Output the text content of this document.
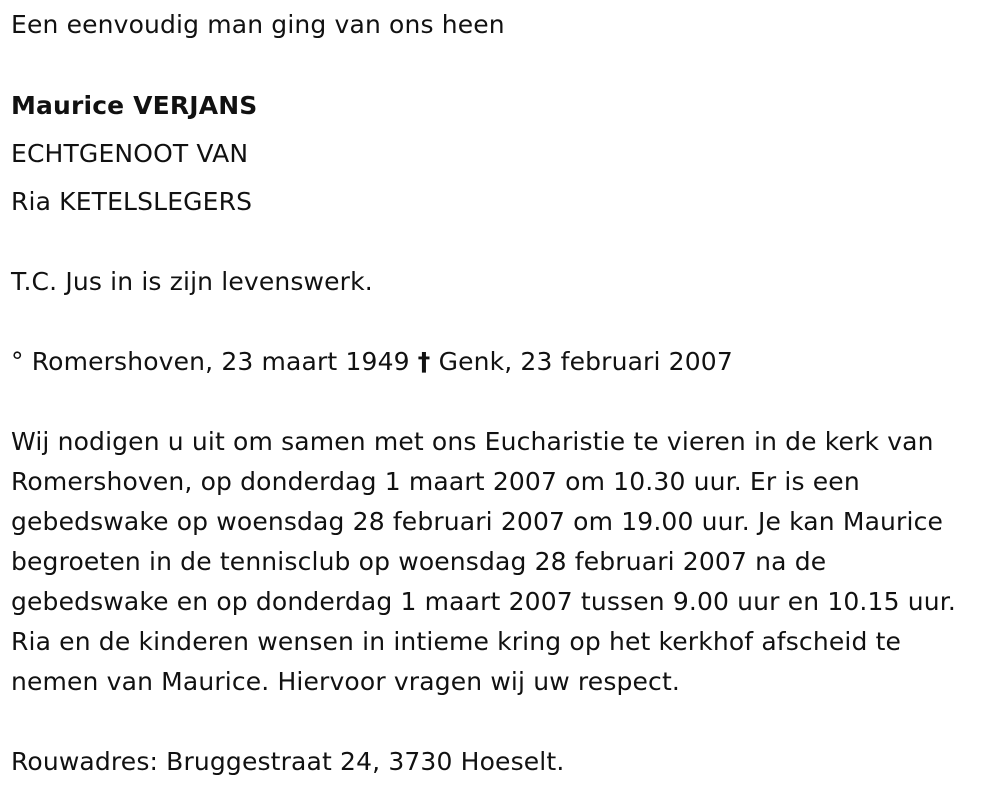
Een eenvoudig man ging van ons heen
Maurice VERJANS
ECHTGENOOT VAN
Ria KETELSLEGERS
T.C. Jus in is zijn levenswerk.
° Romershoven, 23 maart 1949 † Genk, 23 februari 2007
Wij nodigen u uit om samen met ons Eucharistie te vieren in de kerk van
Romershoven, op donderdag 1 maart 2007 om 10.30 uur. Er is een
gebedswake op woensdag 28 februari 2007 om 19.00 uur. Je kan Maurice
begroeten in de tennisclub op woensdag 28 februari 2007 na de
gebedswake en op donderdag 1 maart 2007 tussen 9.00 uur en 10.15 uur.
Ria en de kinderen wensen in intieme kring op het kerkhof afscheid te
nemen van Maurice. Hiervoor vragen wij uw respect.
Rouwadres: Bruggestraat 24, 3730 Hoeselt.
